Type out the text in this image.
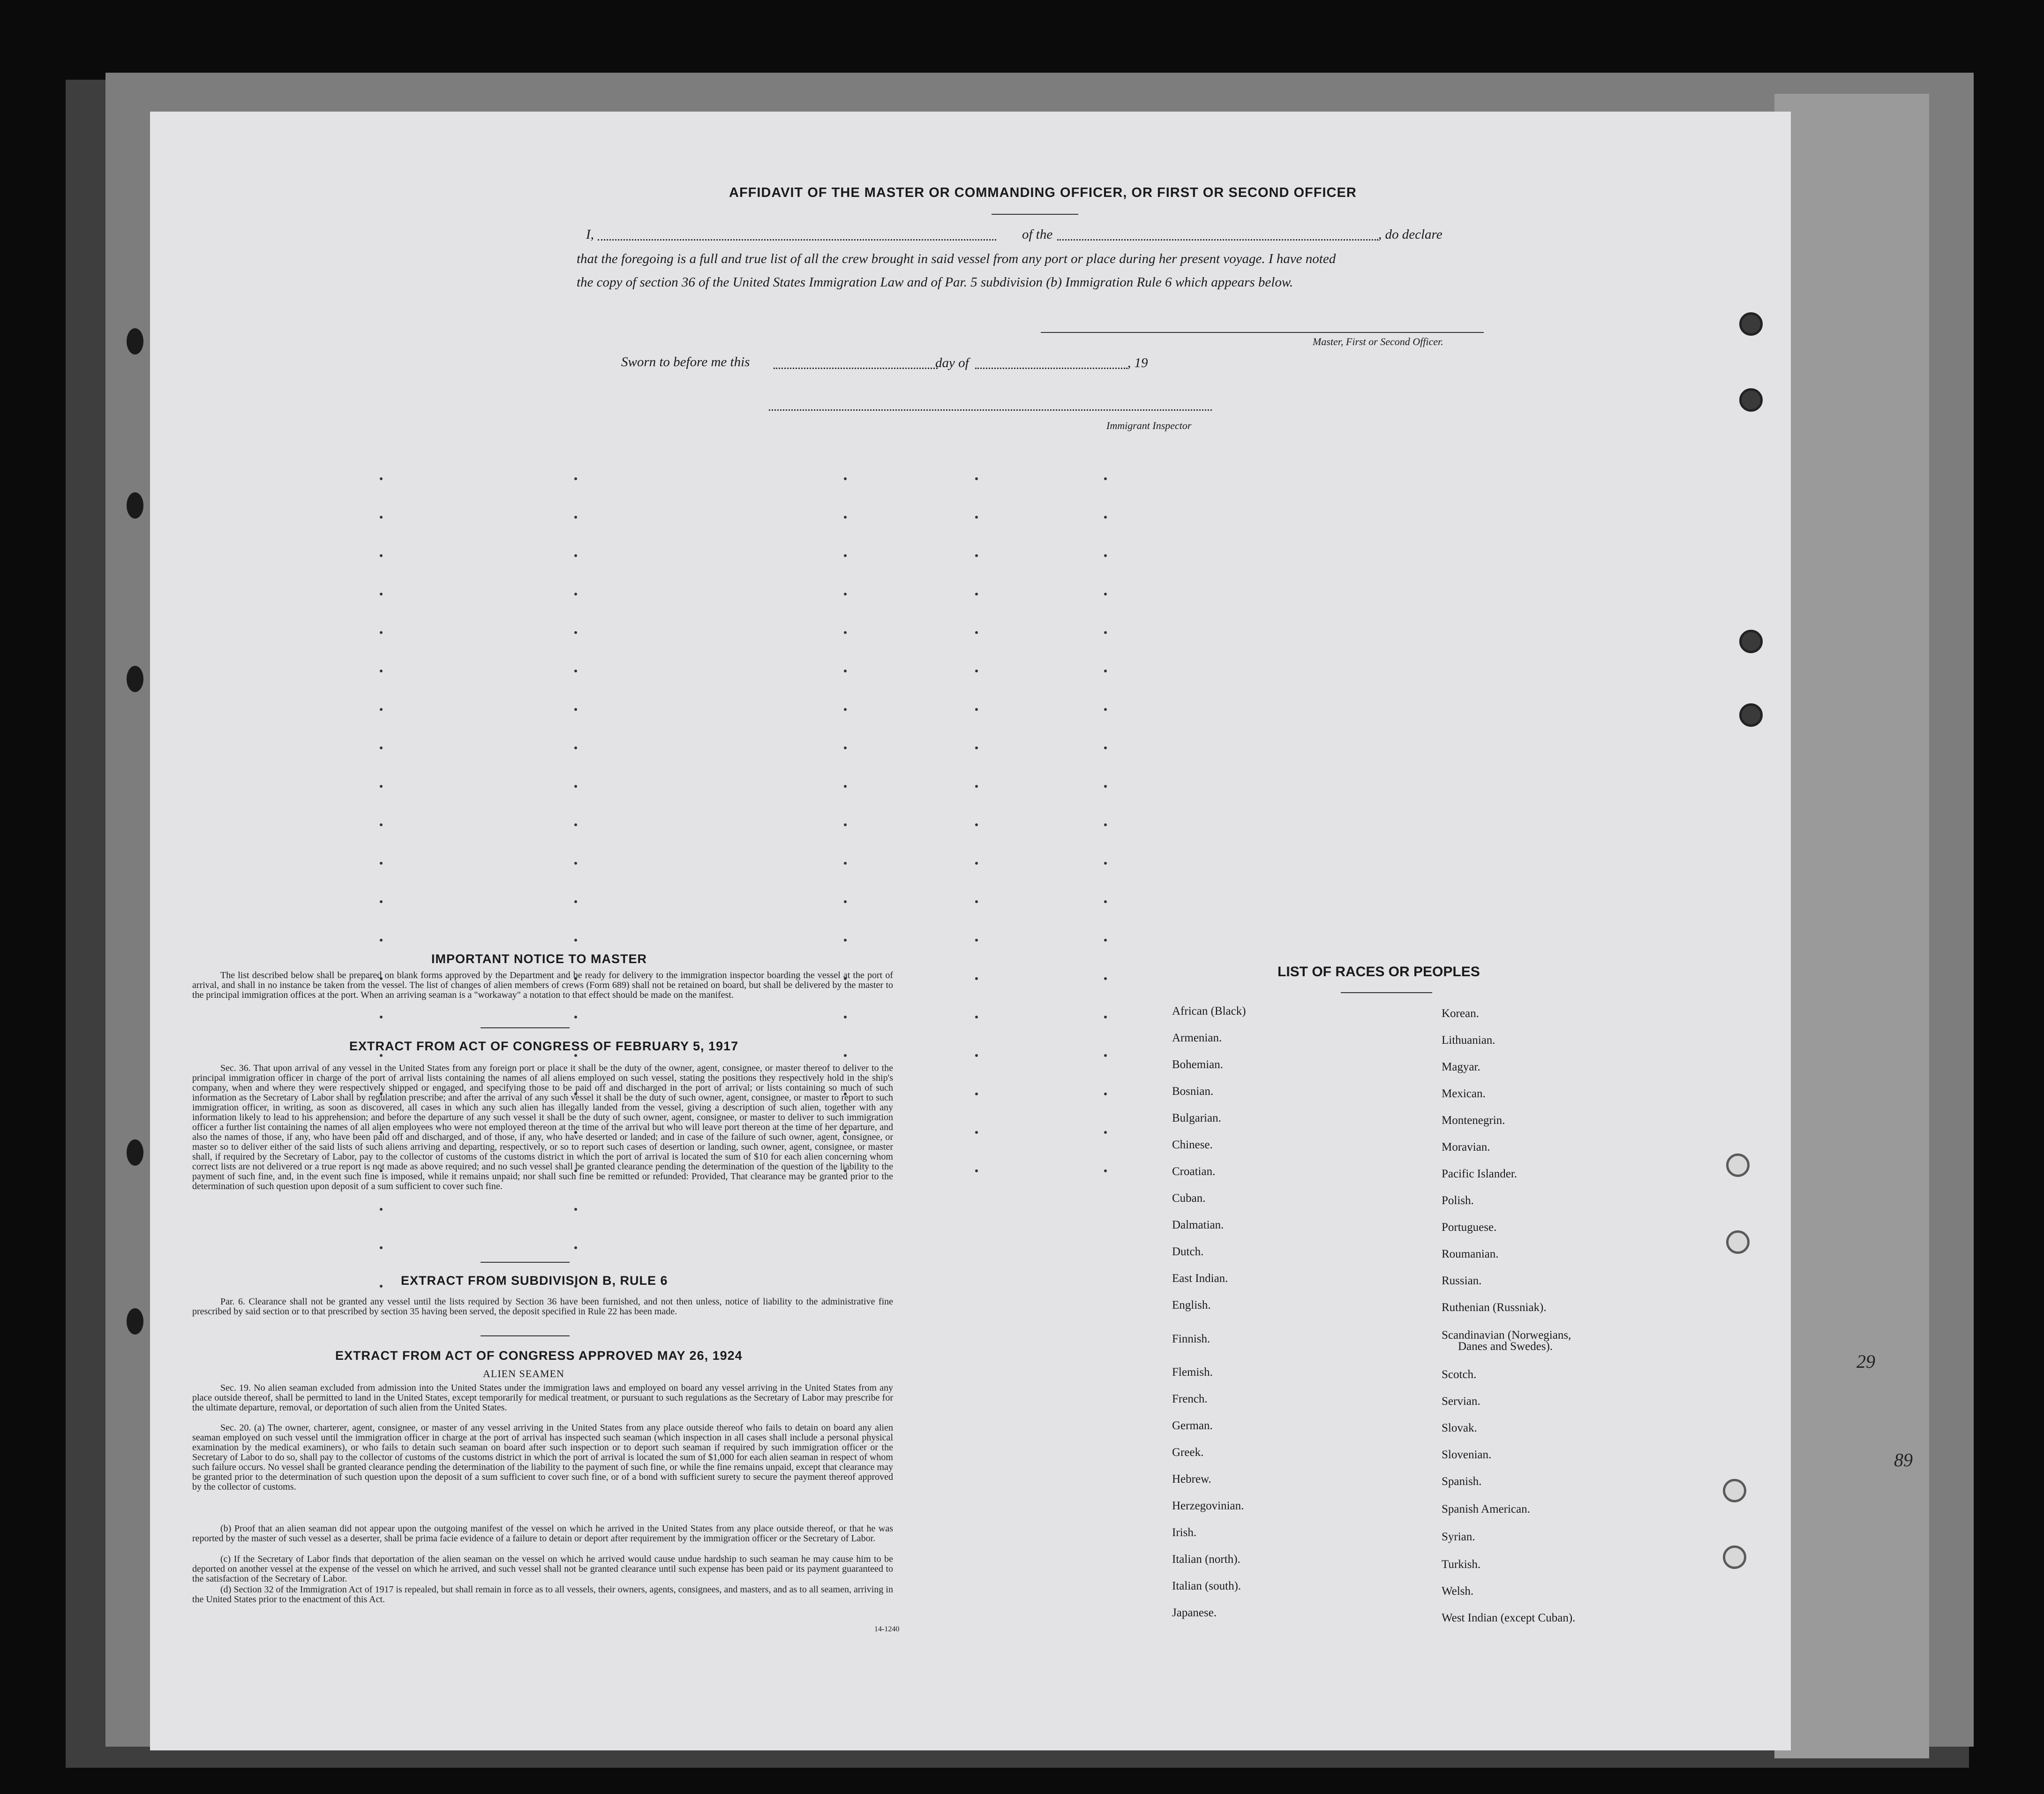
29
89
AFFIDAVIT OF THE MASTER OR COMMANDING OFFICER, OR FIRST OR SECOND OFFICER
I,	of the	, do declare
that the foregoing is a full and true list of all the crew brought in said vessel from any port or place during her present voyage. I have noted
the copy of section 36 of the United States Immigration Law and of Par. 5 subdivision (b) Immigration Rule 6 which appears below.
Master, First or Second Officer.
Sworn to before me this	day of	, 19
Immigrant Inspector
IMPORTANT NOTICE TO MASTER
The list described below shall be prepared on blank forms approved by the Department and be ready for delivery to the immigration inspector boarding the vessel at the port of arrival, and shall in no instance be taken from the vessel. The list of changes of alien members of crews (Form 689) shall not be retained on board, but shall be delivered by the master to the principal immigration offices at the port. When an arriving seaman is a "workaway" a notation to that effect should be made on the manifest.
EXTRACT FROM ACT OF CONGRESS OF FEBRUARY 5, 1917
Sec. 36. That upon arrival of any vessel in the United States from any foreign port or place it shall be the duty of the owner, agent, consignee, or master thereof to deliver to the principal immigration officer in charge of the port of arrival lists containing the names of all aliens employed on such vessel, stating the positions they respectively hold in the ship's company, when and where they were respectively shipped or engaged, and specifying those to be paid off and discharged in the port of arrival; or lists containing so much of such information as the Secretary of Labor shall by regulation prescribe; and after the arrival of any such vessel it shall be the duty of such owner, agent, consignee, or master to report to such immigration officer, in writing, as soon as discovered, all cases in which any such alien has illegally landed from the vessel, giving a description of such alien, together with any information likely to lead to his apprehension; and before the departure of any such vessel it shall be the duty of such owner, agent, consignee, or master to deliver to such immigration officer a further list containing the names of all alien employees who were not employed thereon at the time of the arrival but who will leave port thereon at the time of her departure, and also the names of those, if any, who have been paid off and discharged, and of those, if any, who have deserted or landed; and in case of the failure of such owner, agent, consignee, or master so to deliver either of the said lists of such aliens arriving and departing, respectively, or so to report such cases of desertion or landing, such owner, agent, consignee, or master shall, if required by the Secretary of Labor, pay to the collector of customs of the customs district in which the port of arrival is located the sum of $10 for each alien concerning whom correct lists are not delivered or a true report is not made as above required; and no such vessel shall be granted clearance pending the determination of the question of the liability to the payment of such fine, and, in the event such fine is imposed, while it remains unpaid; nor shall such fine be remitted or refunded: Provided, That clearance may be granted prior to the determination of such question upon deposit of a sum sufficient to cover such fine.
EXTRACT FROM SUBDIVISION B, RULE 6
Par. 6. Clearance shall not be granted any vessel until the lists required by Section 36 have been furnished, and not then unless, notice of liability to the administrative fine prescribed by said section or to that prescribed by section 35 having been served, the deposit specified in Rule 22 has been made.
EXTRACT FROM ACT OF CONGRESS APPROVED MAY 26, 1924
ALIEN SEAMEN
Sec. 19. No alien seaman excluded from admission into the United States under the immigration laws and employed on board any vessel arriving in the United States from any place outside thereof, shall be permitted to land in the United States, except temporarily for medical treatment, or pursuant to such regulations as the Secretary of Labor may prescribe for the ultimate departure, removal, or deportation of such alien from the United States.
Sec. 20. (a) The owner, charterer, agent, consignee, or master of any vessel arriving in the United States from any place outside thereof who fails to detain on board any alien seaman employed on such vessel until the immigration officer in charge at the port of arrival has inspected such seaman (which inspection in all cases shall include a personal physical examination by the medical examiners), or who fails to detain such seaman on board after such inspection or to deport such seaman if required by such immigration officer or the Secretary of Labor to do so, shall pay to the collector of customs of the customs district in which the port of arrival is located the sum of $1,000 for each alien seaman in respect of whom such failure occurs. No vessel shall be granted clearance pending the determination of the liability to the payment of such fine, or while the fine remains unpaid, except that clearance may be granted prior to the determination of such question upon the deposit of a sum sufficient to cover such fine, or of a bond with sufficient surety to secure the payment thereof approved by the collector of customs.
(b) Proof that an alien seaman did not appear upon the outgoing manifest of the vessel on which he arrived in the United States from any place outside thereof, or that he was reported by the master of such vessel as a deserter, shall be prima facie evidence of a failure to detain or deport after requirement by the immigration officer or the Secretary of Labor.
(c) If the Secretary of Labor finds that deportation of the alien seaman on the vessel on which he arrived would cause undue hardship to such seaman he may cause him to be deported on another vessel at the expense of the vessel on which he arrived, and such vessel shall not be granted clearance until such expense has been paid or its payment guaranteed to the satisfaction of the Secretary of Labor.
(d) Section 32 of the Immigration Act of 1917 is repealed, but shall remain in force as to all vessels, their owners, agents, consignees, and masters, and as to all seamen, arriving in the United States prior to the enactment of this Act.
14-1240
LIST OF RACES OR PEOPLES
African (Black)
Armenian.
Bohemian.
Bosnian.
Bulgarian.
Chinese.
Croatian.
Cuban.
Dalmatian.
Dutch.
East Indian.
English.
Finnish.
Flemish.
French.
German.
Greek.
Hebrew.
Herzegovinian.
Irish.
Italian (north).
Italian (south).
Japanese.
Korean.
Lithuanian.
Magyar.
Mexican.
Montenegrin.
Moravian.
Pacific Islander.
Polish.
Portuguese.
Roumanian.
Russian.
Ruthenian (Russniak).
Scandinavian (Norwegians,
Danes and Swedes).
Scotch.
Servian.
Slovak.
Slovenian.
Spanish.
Spanish American.
Syrian.
Turkish.
Welsh.
West Indian (except Cuban).
